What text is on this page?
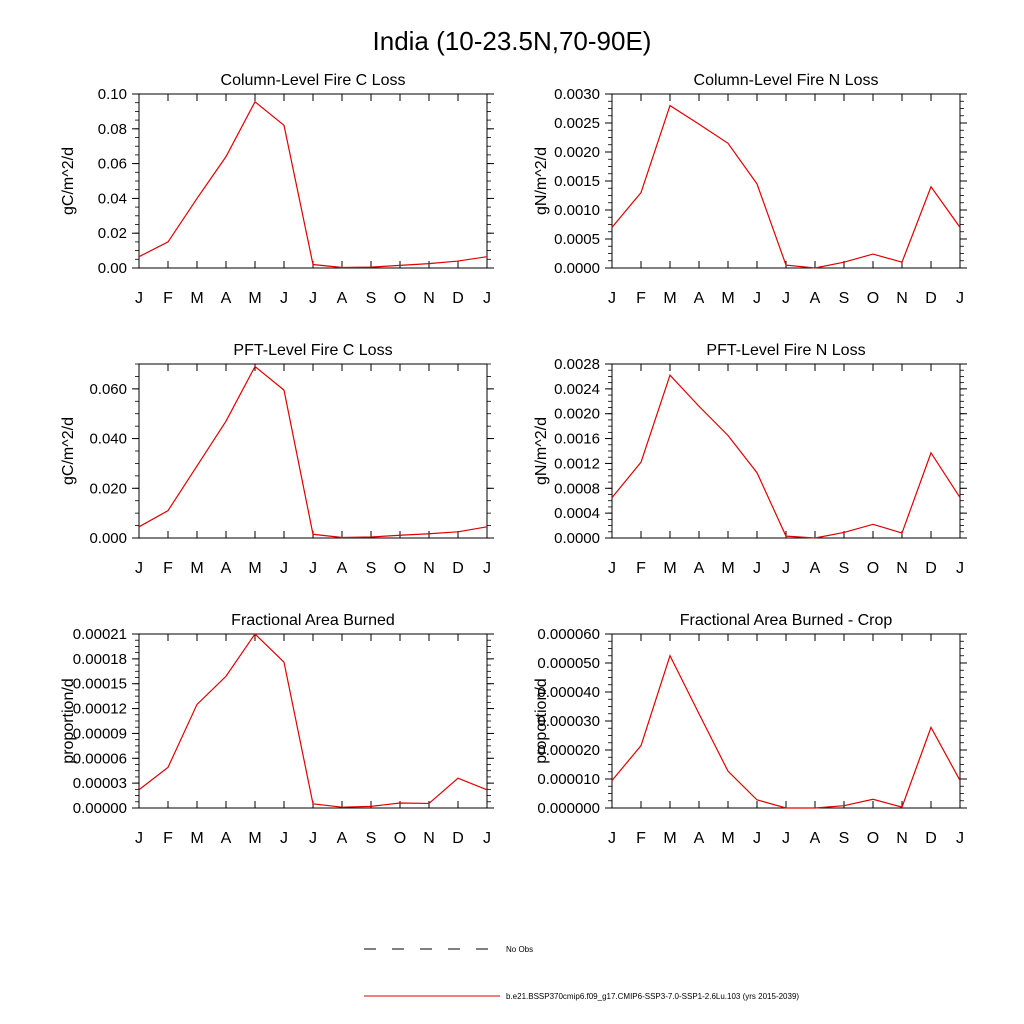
India (10-23.5N,70-90E)
Column-Level Fire C Loss
gC/m^2/d
0.00
0.02
0.04
0.06
0.08
0.10
J F M A M J J A S O N D J
Column-Level Fire N Loss
gN/m^2/d
0.0000
0.0005
0.0010
0.0015
0.0020
0.0025
0.0030
J F M A M J J A S O N D J
PFT-Level Fire C Loss
gC/m^2/d
0.000
0.020
0.040
0.060
J F M A M J J A S O N D J
PFT-Level Fire N Loss
gN/m^2/d
0.0000
0.0004
0.0008
0.0012
0.0016
0.0020
0.0024
0.0028
J F M A M J J A S O N D J
Fractional Area Burned
proportion/d
0.00000
0.00003
0.00006
0.00009
0.00012
0.00015
0.00018
0.00021
J F M A M J J A S O N D J
Fractional Area Burned - Crop
proportion/d
0.000000
0.000010
0.000020
0.000030
0.000040
0.000050
0.000060
J F M A M J J A S O N D J
No Obs
b.e21.BSSP370cmip6.f09_g17.CMIP6-SSP3-7.0-SSP1-2.6Lu.103 (yrs 2015-2039)
